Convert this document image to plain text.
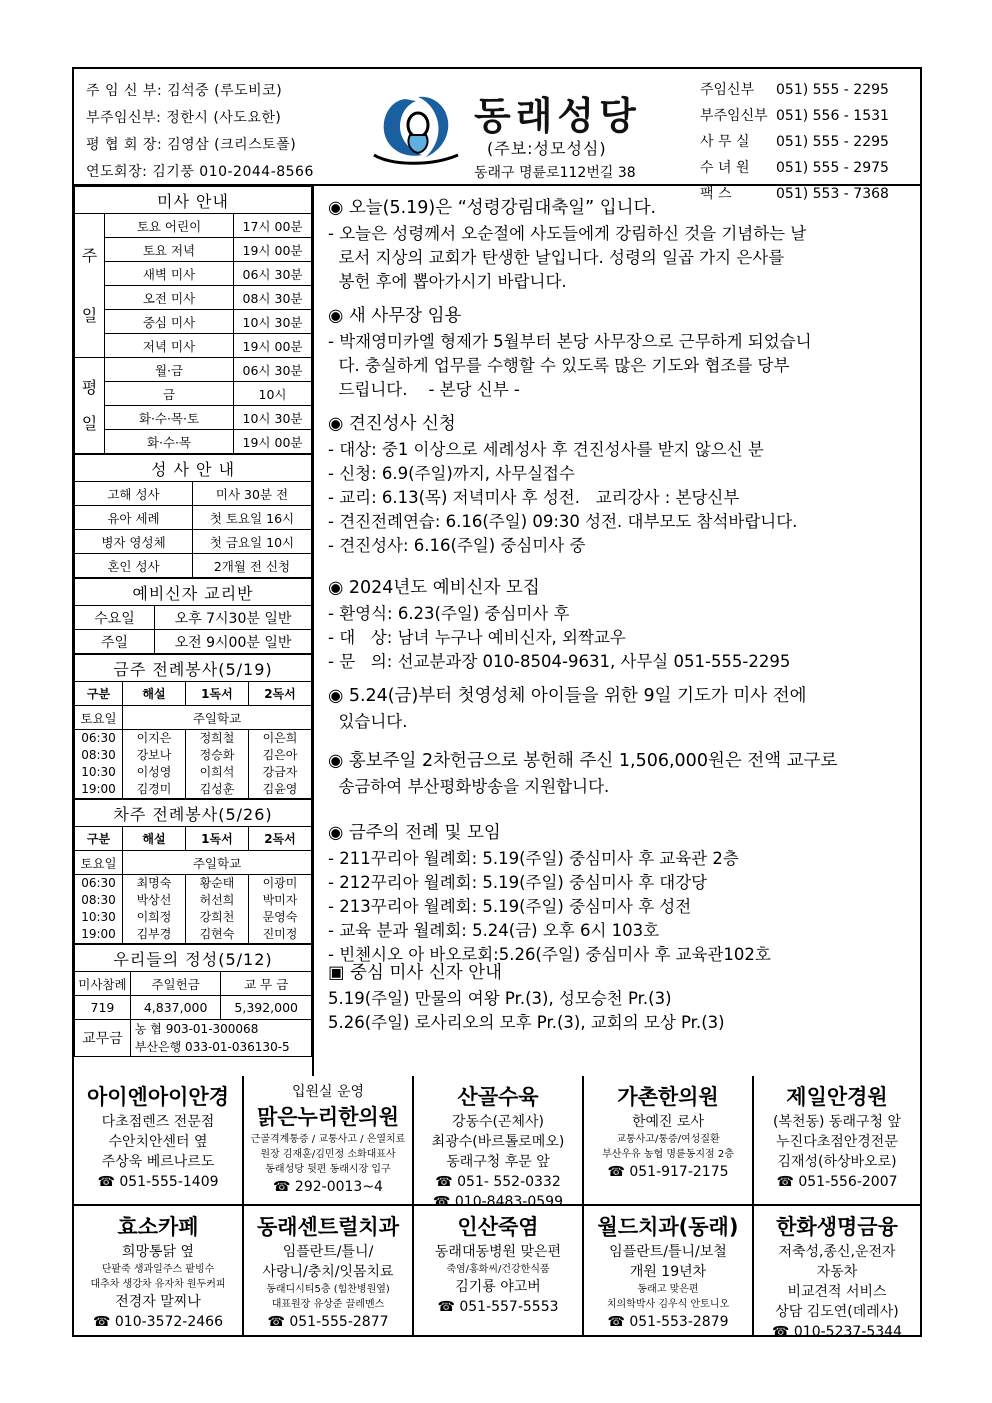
주 임 신 부: 김석중 (루도비코)
부주임신부: 정한시 (사도요한)
평 협 회 장: 김영삼 (크리스토폴)
연도회장: 김기풍 010-2044-8566
동래성당
(주보:성모성심)
동래구 명륜로112번길 38
주임신부 051) 555 - 2295
부주임신부 051) 556 - 1531
사 무 실 051) 555 - 2295
수 녀 원 051) 555 - 2975
팩 스	051) 553 - 7368
미사 안내		

주
일	토요 어린이	17시 00분
	토요 저녁	19시 00분
	새벽 미사	06시 30분
	오전 미사	08시 30분
	중심 미사	10시 30분
	저녁 미사	19시 00분

평
일	월·금	06시 30분
	금	10시
	화·수·목·토	10시 30분
	화·수·목	19시 00분
성 사 안 내	
고해 성사	미사 30분 전
유아 세례	첫 토요일 16시
병자 영성체	첫 금요일 10시
혼인 성사	2개월 전 신청
예비신자 교리반	
수요일	오후 7시30분 일반
주일	오전 9시00분 일반
금주 전례봉사(5/19)			
구분	해설	1독서	2독서
토요일	주일학교		
06:30	이지은	정희철	이은희
08:30	강보나	정승화	김은아
10:30	이성영	이희석	강금자
19:00	김경미	김성훈	김윤영
차주 전례봉사(5/26)			
구분	해설	1독서	2독서
토요일	주일학교		
06:30	최명숙	황순태	이광미
08:30	박상선	허선희	박미자
10:30	이희정	강희천	문영숙
19:00	김부경	김현숙	진미정
우리들의 정성(5/12)		
미사참례	주일헌금	교 무 금
719	4,837,000	5,392,000
교무금	농 협 903-01-300068
부산은행 033-01-036130-5	
◉ 오늘(5.19)은 “성령강림대축일” 입니다.

- 오늘은 성령께서 오순절에 사도들에게 강림하신 것을 기념하는 날

로서 지상의 교회가 탄생한 날입니다. 성령의 일곱 가지 은사를

봉헌 후에 뽑아가시기 바랍니다.

◉ 새 사무장 임용

- 박재영미카엘 형제가 5월부터 본당 사무장으로 근무하게 되었습니

다. 충실하게 업무를 수행할 수 있도록 많은 기도와 협조를 당부

드립니다.    - 본당 신부 -

◉ 견진성사 신청

- 대상: 중1 이상으로 세례성사 후 견진성사를 받지 않으신 분

- 신청: 6.9(주일)까지, 사무실접수

- 교리: 6.13(목) 저녁미사 후 성전.   교리강사 : 본당신부

- 견진전례연습: 6.16(주일) 09:30 성전. 대부모도 참석바랍니다.

- 견진성사: 6.16(주일) 중심미사 중

◉ 2024년도 예비신자 모집

- 환영식: 6.23(주일) 중심미사 후

- 대   상: 남녀 누구나 예비신자, 외짝교우

- 문   의: 선교분과장 010-8504-9631, 사무실 051-555-2295

◉ 5.24(금)부터 첫영성체 아이들을 위한 9일 기도가 미사 전에

있습니다.

◉ 홍보주일 2차헌금으로 봉헌해 주신 1,506,000원은 전액 교구로

송금하여 부산평화방송을 지원합니다.

◉ 금주의 전례 및 모임

- 211꾸리아 월례회: 5.19(주일) 중심미사 후 교육관 2층

- 212꾸리아 월례회: 5.19(주일) 중심미사 후 대강당

- 213꾸리아 월례회: 5.19(주일) 중심미사 후 성전

- 교육 분과 월례회: 5.24(금) 오후 6시 103호

- 빈첸시오 아 바오로회:5.26(주일) 중심미사 후 교육관102호

▣ 중심 미사 신자 안내

5.19(주일) 만물의 여왕 Pr.(3), 성모승천 Pr.(3)

5.26(주일) 로사리오의 모후 Pr.(3), 교회의 모상 Pr.(3)

아이엔아이안경
다초점렌즈 전문점
수안치안센터 옆
주상욱 베르나르도
☎ 051-555-1409
입원실 운영
맑은누리한의원
근골격계통증 / 교통사고 / 은열치료
원장 김재훈/김민정 소화대표사
동래성당 뒷편 동래시장 입구
☎ 292-0013~4
산골수육
강동수(곤체사)
최광수(바르톨로메오)
동래구청 후문 앞
☎ 051- 552-0332
☎ 010-8483-0599
가촌한의원
한예진 로사
교통사고/통증/여성질환
부산우유 농협 명륜동지점 2층
☎ 051-917-2175
제일안경원
(복천동) 동래구청 앞
누진다초점안경전문
김재성(하상바오로)
☎ 051-556-2007
효소카페
희망통닭 옆
단팥죽 생과일주스 팥빙수
대추차 생강차 유자차 원두커피
전경자 말찌나
☎ 010-3572-2466
동래센트럴치과
임플란트/틀니/
사랑니/충치/잇몸치료
동래디시티5층 (힘찬병원옆)
대표원장 유상준 끌레멘스
☎ 051-555-2877
인산죽염
동래대동병원 맞은편
죽염/홍화씨/건강한식품
김기룡 야고버
☎ 051-557-5553
월드치과(동래)
임플란트/틀니/보철
개원 19년차
동래고 맞은편
치의학박사 김우식 안토니오
☎ 051-553-2879
한화생명금융
저축성,종신,운전자
자동차
비교견적 서비스
상담 김도연(데레사)
☎ 010-5237-5344
